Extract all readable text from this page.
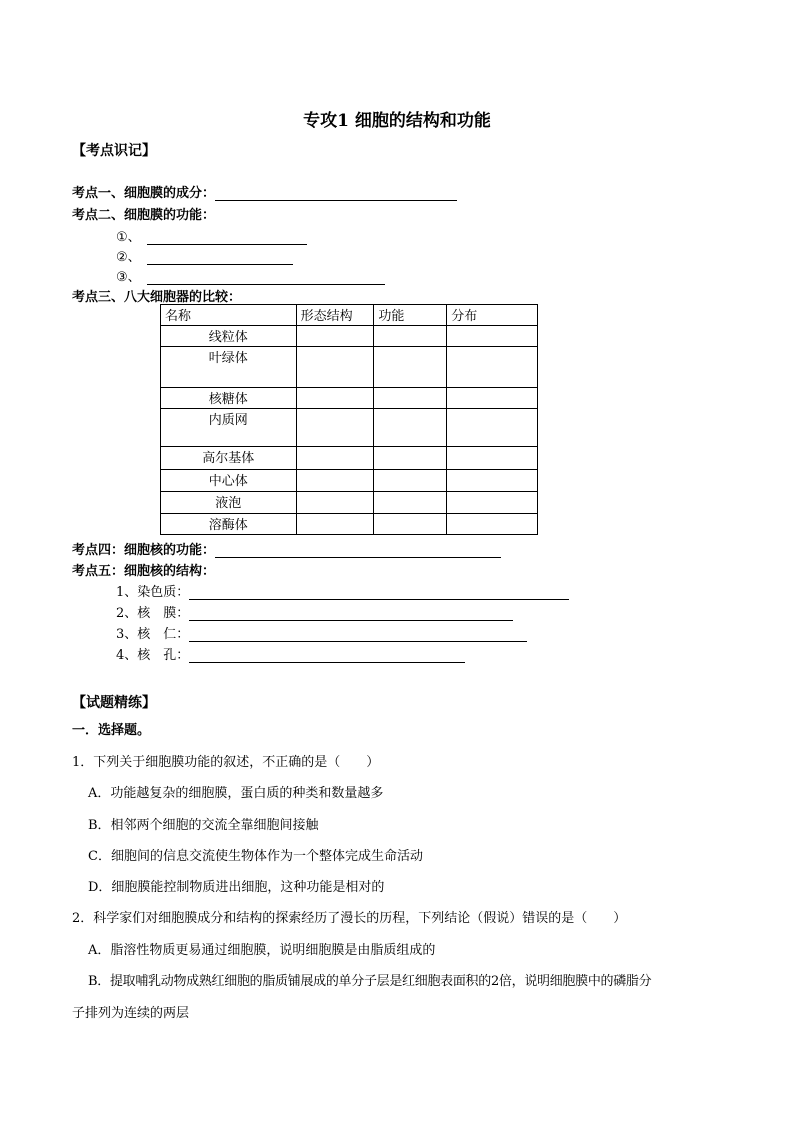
专攻1 细胞的结构和功能
【考点识记】
考点一、细胞膜的成分：
考点二、细胞膜的功能：
①、
②、
③、
考点三、八大细胞器的比较：
名称	形态结构	功能	分布
线粒体			
叶绿体			
核糖体			
内质网			
高尔基体			
中心体			
液泡			
溶酶体			
考点四：细胞核的功能：
考点五：细胞核的结构：
1、染色质：
2、核　膜：
3、核　仁：
4、核　孔：
【试题精练】
一．选择题。
1．下列关于细胞膜功能的叙述，不正确的是（　　）
A．功能越复杂的细胞膜，蛋白质的种类和数量越多
B．相邻两个细胞的交流全靠细胞间接触
C．细胞间的信息交流使生物体作为一个整体完成生命活动
D．细胞膜能控制物质进出细胞，这种功能是相对的
2．科学家们对细胞膜成分和结构的探索经历了漫长的历程，下列结论（假说）错误的是（　　）
A．脂溶性物质更易通过细胞膜，说明细胞膜是由脂质组成的
B．提取哺乳动物成熟红细胞的脂质铺展成的单分子层是红细胞表面积的2倍，说明细胞膜中的磷脂分
子排列为连续的两层
